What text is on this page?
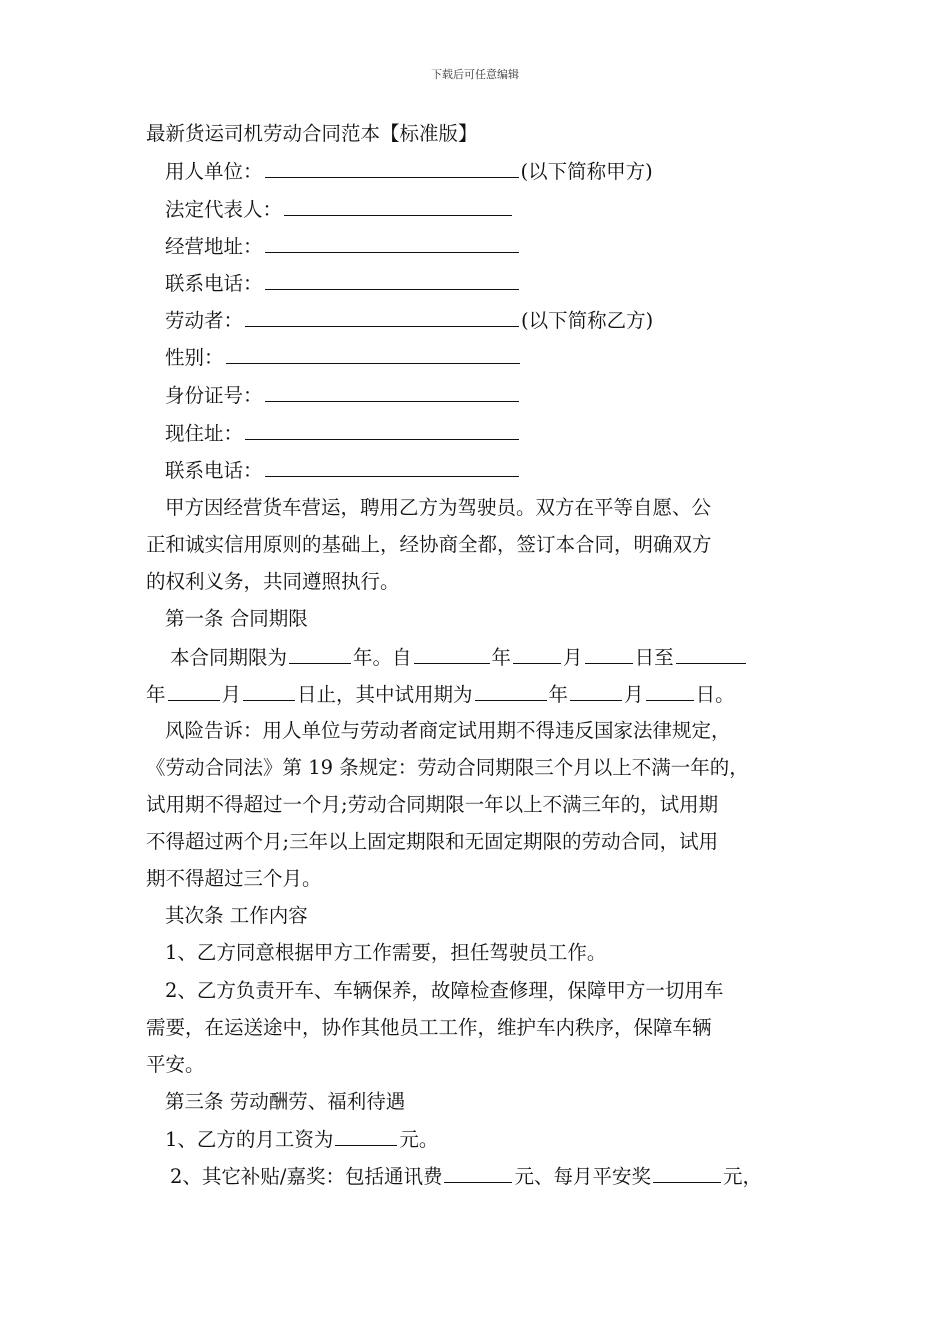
下载后可任意编辑
最新货运司机劳动合同范本【标准版】
用人单位：	(以下简称甲方)
法定代表人：
经营地址：
联系电话：
劳动者：	(以下简称乙方)
性别：
身份证号：
现住址：
联系电话：
甲方因经营货车营运，聘用乙方为驾驶员。双方在平等自愿、公
正和诚实信用原则的基础上，经协商全都，签订本合同，明确双方
的权利义务，共同遵照执行。
第一条 合同期限
本合同期限为	年。自	年	月	日至
年	月	日止，其中试用期为	年	月	日。
风险告诉：用人单位与劳动者商定试用期不得违反国家法律规定，
《劳动合同法》第 19 条规定：劳动合同期限三个月以上不满一年的，
试用期不得超过一个月;劳动合同期限一年以上不满三年的，试用期
不得超过两个月;三年以上固定期限和无固定期限的劳动合同，试用
期不得超过三个月。
其次条 工作内容
1、乙方同意根据甲方工作需要，担任驾驶员工作。
2、乙方负责开车、车辆保养，故障检查修理，保障甲方一切用车
需要，在运送途中，协作其他员工工作，维护车内秩序，保障车辆
平安。
第三条 劳动酬劳、福利待遇
1、乙方的月工资为	元。
2、其它补贴/嘉奖：包括通讯费	元、每月平安奖	元，
